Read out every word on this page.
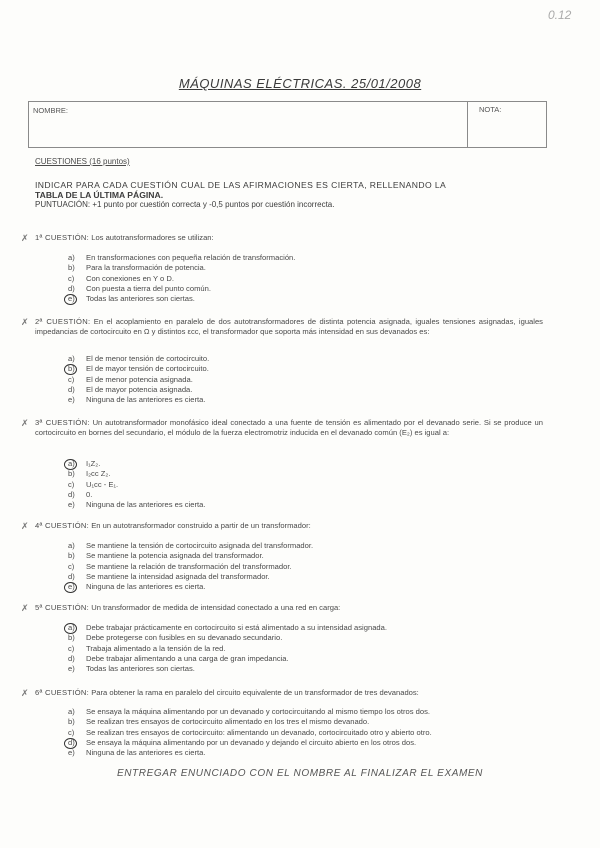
0.12
MÁQUINAS ELÉCTRICAS. 25/01/2008
NOMBRE:	NOTA:
CUESTIONES (16 puntos)
INDICAR PARA CADA CUESTIÓN CUAL DE LAS AFIRMACIONES ES CIERTA, RELLENANDO LA
TABLA DE LA ÚLTIMA PÁGINA.
PUNTUACIÓN: +1 punto por cuestión correcta y -0,5 puntos por cuestión incorrecta.
✗ 1ª CUESTIÓN: Los autotransformadores se utilizan:
a) En transformaciones con pequeña relación de transformación.
b) Para la transformación de potencia.
c) Con conexiones en Y o D.
d) Con puesta a tierra del punto común.
e) Todas las anteriores son ciertas.
✗ 2ª CUESTIÓN: En el acoplamiento en paralelo de dos autotransformadores de distinta potencia asignada, iguales tensiones asignadas, iguales impedancias de cortocircuito en Ω y distintos εcc, el transformador que soporta más intensidad en sus devanados es:
a) El de menor tensión de cortocircuito.
b) El de mayor tensión de cortocircuito.
c) El de menor potencia asignada.
d) El de mayor potencia asignada.
e) Ninguna de las anteriores es cierta.
✗ 3ª CUESTIÓN: Un autotransformador monofásico ideal conectado a una fuente de tensión es alimentado por el devanado serie. Si se produce un cortocircuito en bornes del secundario, el módulo de la fuerza electromotriz inducida en el devanado común (E₂) es igual a:
a) I₁Z₂.
b) I₂cc Z₂.
c) U₁cc - E₁.
d) 0.
e) Ninguna de las anteriores es cierta.
✗ 4ª CUESTIÓN: En un autotransformador construido a partir de un transformador:
a) Se mantiene la tensión de cortocircuito asignada del transformador.
b) Se mantiene la potencia asignada del transformador.
c) Se mantiene la relación de transformación del transformador.
d) Se mantiene la intensidad asignada del transformador.
e) Ninguna de las anteriores es cierta.
✗ 5ª CUESTIÓN: Un transformador de medida de intensidad conectado a una red en carga:
a) Debe trabajar prácticamente en cortocircuito si está alimentado a su intensidad asignada.
b) Debe protegerse con fusibles en su devanado secundario.
c) Trabaja alimentado a la tensión de la red.
d) Debe trabajar alimentando a una carga de gran impedancia.
e) Todas las anteriores son ciertas.
✗ 6ª CUESTIÓN: Para obtener la rama en paralelo del circuito equivalente de un transformador de tres devanados:
a) Se ensaya la máquina alimentando por un devanado y cortocircuitando al mismo tiempo los otros dos.
b) Se realizan tres ensayos de cortocircuito alimentado en los tres el mismo devanado.
c) Se realizan tres ensayos de cortocircuito: alimentando un devanado, cortocircuitado otro y abierto otro.
d) Se ensaya la máquina alimentando por un devanado y dejando el circuito abierto en los otros dos.
e) Ninguna de las anteriores es cierta.
ENTREGAR ENUNCIADO CON EL NOMBRE AL FINALIZAR EL EXAMEN
